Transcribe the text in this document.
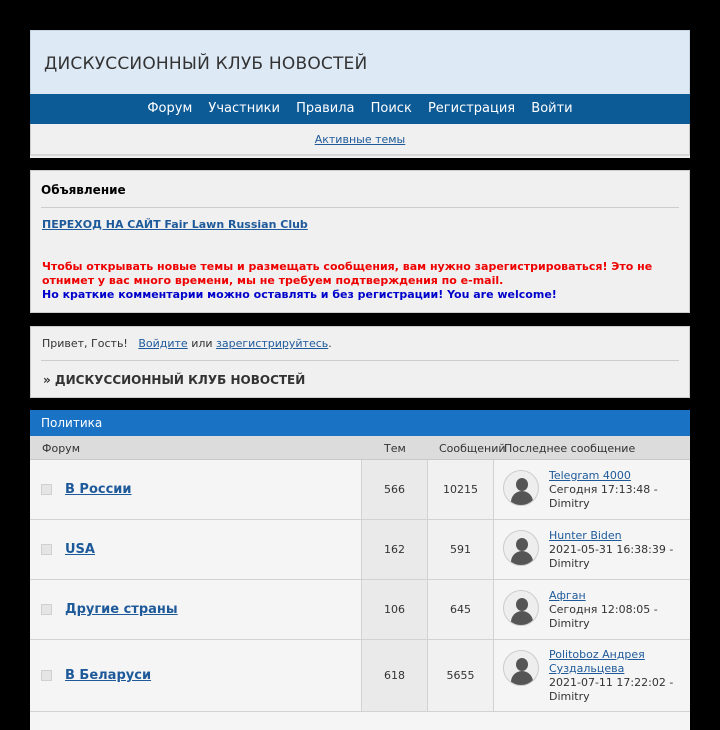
ДИСКУССИОННЫЙ КЛУБ НОВОСТЕЙ
Форум Участники Правила Поиск Регистрация Войти
Активные темы
Объявление
ПЕРЕХОД НА САЙТ Fair Lawn Russian Club
Чтобы открывать новые темы и размещать сообщения, вам нужно зарегистрироваться! Это не отнимет у вас много времени, мы не требуем подтверждения по e-mail.
Но краткие комментарии можно оставлять и без регистрации! You are welcome!
Привет, Гость! Войдите или зарегистрируйтесь.
» ДИСКУССИОННЫЙ КЛУБ НОВОСТЕЙ
Политика
Форум	Тем	Сообщений
Последнее сообщение
В России	566	10215
Telegram 4000
Сегодня 17:13:48 -
Dimitry
USA	162	591
Hunter Biden
2021-05-31 16:38:39 -
Dimitry
Другие страны	106	645
Афган
Сегодня 12:08:05 -
Dimitry
В Беларуси	618	5655
Politoboz Андрея Суздальцева
2021-07-11 17:22:02 -
Dimitry
